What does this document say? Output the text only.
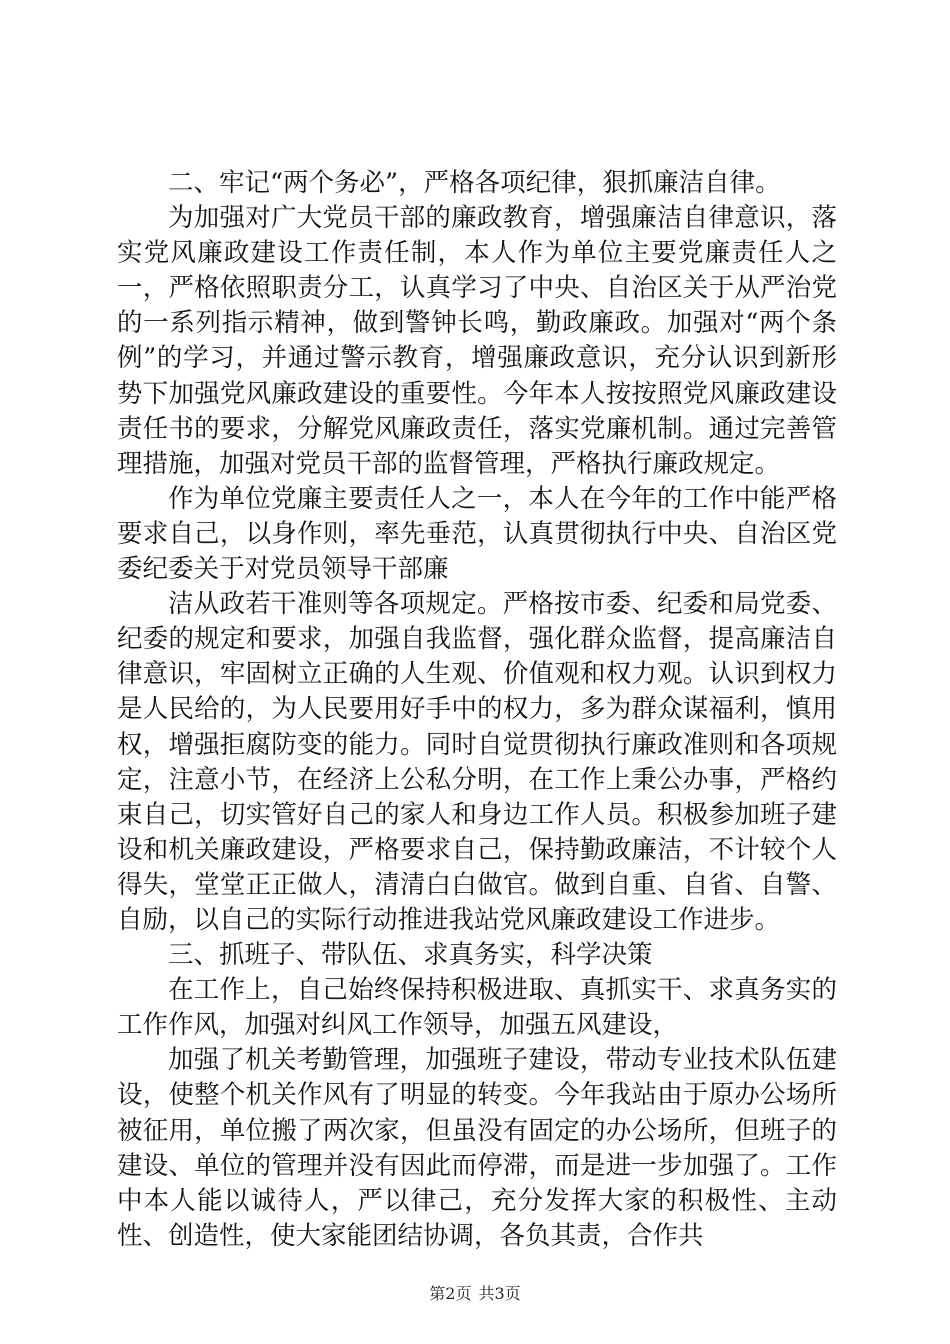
二、牢记“两个务必”，严格各项纪律，狠抓廉洁自律。

为加强对广大党员干部的廉政教育，增强廉洁自律意识，落实党风廉政建设工作责任制，本人作为单位主要党廉责任人之一，严格依照职责分工，认真学习了中央、自治区关于从严治党的一系列指示精神，做到警钟长鸣，勤政廉政。加强对“两个条例”的学习，并通过警示教育，增强廉政意识，充分认识到新形势下加强党风廉政建设的重要性。今年本人按按照党风廉政建设责任书的要求，分解党风廉政责任，落实党廉机制。通过完善管理措施，加强对党员干部的监督管理，严格执行廉政规定。

作为单位党廉主要责任人之一，本人在今年的工作中能严格要求自己，以身作则，率先垂范，认真贯彻执行中央、自治区党委纪委关于对党员领导干部廉

洁从政若干准则等各项规定。严格按市委、纪委和局党委、纪委的规定和要求，加强自我监督，强化群众监督，提高廉洁自律意识，牢固树立正确的人生观、价值观和权力观。认识到权力是人民给的，为人民要用好手中的权力，多为群众谋福利，慎用权，增强拒腐防变的能力。同时自觉贯彻执行廉政准则和各项规定，注意小节，在经济上公私分明，在工作上秉公办事，严格约束自己，切实管好自己的家人和身边工作人员。积极参加班子建设和机关廉政建设，严格要求自己，保持勤政廉洁，不计较个人得失，堂堂正正做人，清清白白做官。做到自重、自省、自警、自励，以自己的实际行动推进我站党风廉政建设工作进步。

三、抓班子、带队伍、求真务实，科学决策

在工作上，自己始终保持积极进取、真抓实干、求真务实的工作作风，加强对纠风工作领导，加强五风建设，

加强了机关考勤管理，加强班子建设，带动专业技术队伍建设，使整个机关作风有了明显的转变。今年我站由于原办公场所被征用，单位搬了两次家，但虽没有固定的办公场所，但班子的建设、单位的管理并没有因此而停滞，而是进一步加强了。工作中本人能以诚待人，严以律己，充分发挥大家的积极性、主动性、创造性，使大家能团结协调，各负其责，合作共

第2页 共3页
